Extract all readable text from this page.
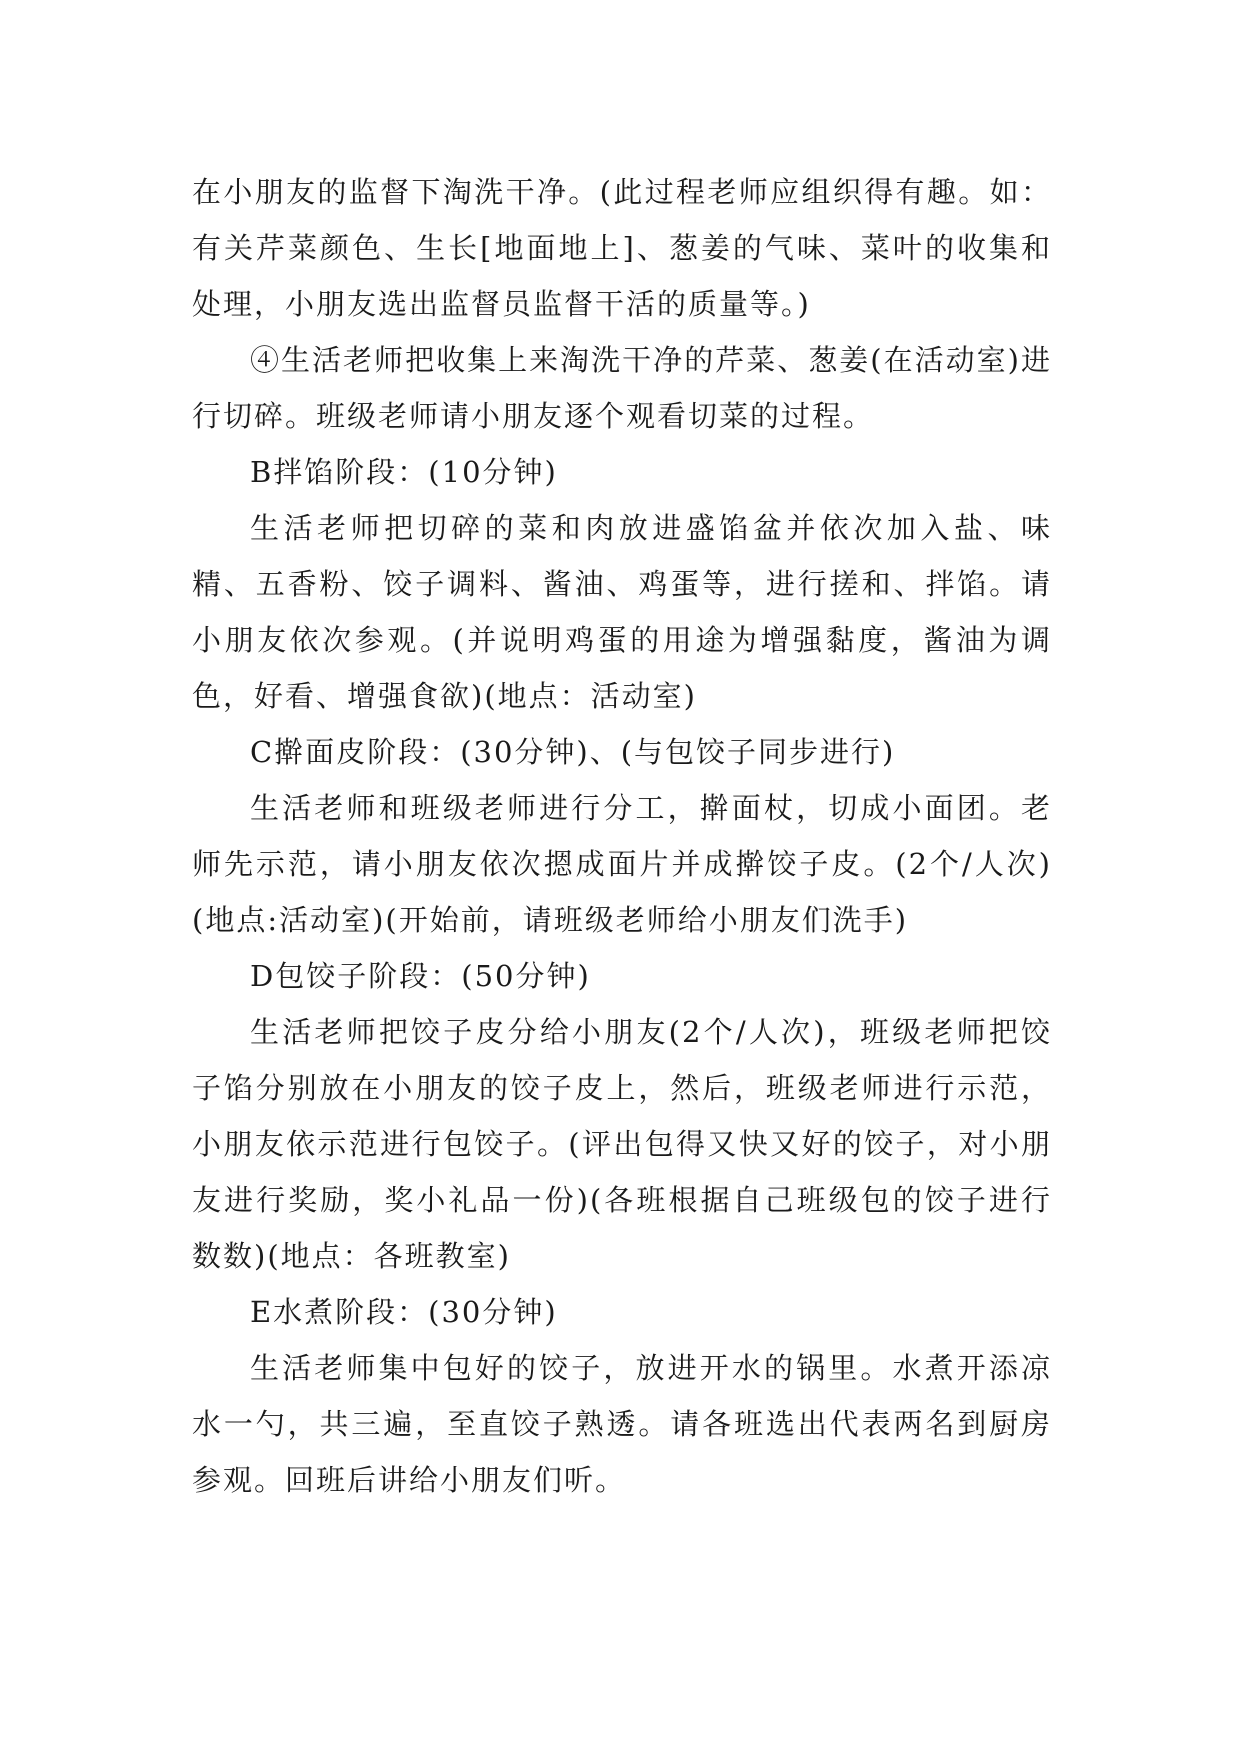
在小朋友的监督下淘洗干净。(此过程老师应组织得有趣。如：有关芹菜颜色、生长[地面地上]、葱姜的气味、菜叶的收集和处理，小朋友选出监督员监督干活的质量等。)

④生活老师把收集上来淘洗干净的芹菜、葱姜(在活动室)进行切碎。班级老师请小朋友逐个观看切菜的过程。

B拌馅阶段：(10分钟)

生活老师把切碎的菜和肉放进盛馅盆并依次加入盐、味精、五香粉、饺子调料、酱油、鸡蛋等，进行搓和、拌馅。请小朋友依次参观。(并说明鸡蛋的用途为增强黏度，酱油为调色，好看、增强食欲)(地点：活动室)

C擀面皮阶段：(30分钟)、(与包饺子同步进行)

生活老师和班级老师进行分工，擀面杖，切成小面团。老师先示范，请小朋友依次摁成面片并成擀饺子皮。(2个/人次)(地点:活动室)(开始前，请班级老师给小朋友们洗手)

D包饺子阶段：(50分钟)

生活老师把饺子皮分给小朋友(2个/人次)，班级老师把饺子馅分别放在小朋友的饺子皮上，然后，班级老师进行示范，小朋友依示范进行包饺子。(评出包得又快又好的饺子，对小朋友进行奖励，奖小礼品一份)(各班根据自己班级包的饺子进行数数)(地点：各班教室)

E水煮阶段：(30分钟)

生活老师集中包好的饺子，放进开水的锅里。水煮开添凉水一勺，共三遍，至直饺子熟透。请各班选出代表两名到厨房参观。回班后讲给小朋友们听。
